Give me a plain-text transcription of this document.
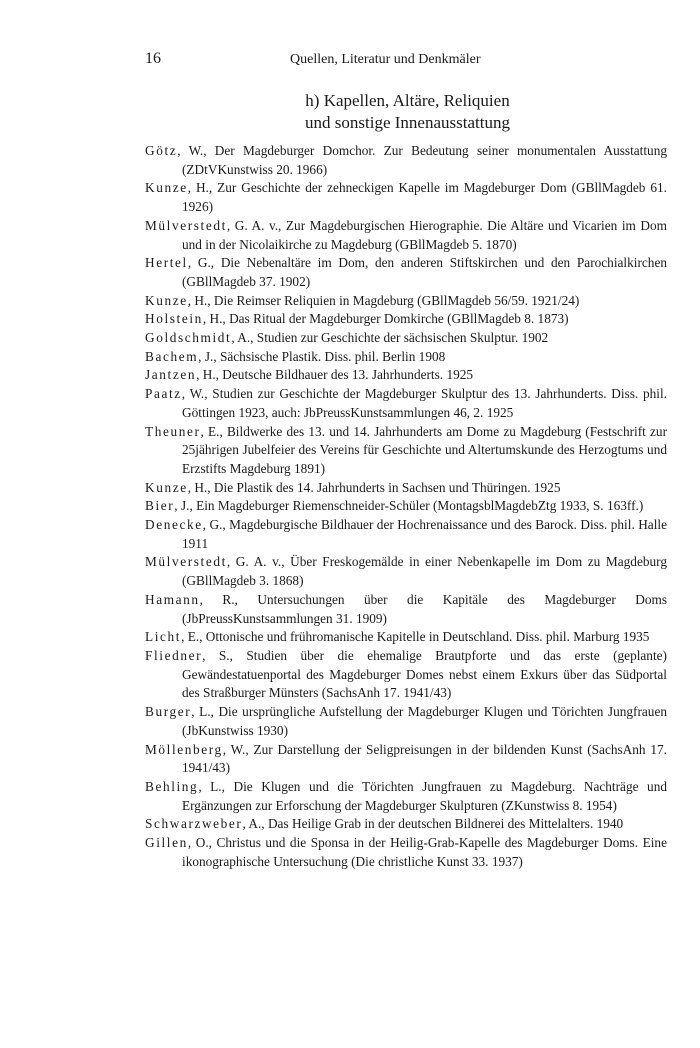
16	Quellen, Literatur und Denkmäler
h) Kapellen, Altäre, Reliquien
und sonstige Innenausstattung

Götz, W., Der Magdeburger Domchor. Zur Bedeutung seiner monumentalen Ausstattung (ZDtVKunstwiss 20. 1966)

Kunze, H., Zur Geschichte der zehneckigen Kapelle im Magdeburger Dom (GBllMagdeb 61. 1926)

Mülverstedt, G. A. v., Zur Magdeburgischen Hierographie. Die Altäre und Vicarien im Dom und in der Nicolaikirche zu Magdeburg (GBllMagdeb 5. 1870)

Hertel, G., Die Nebenaltäre im Dom, den anderen Stiftskirchen und den Parochialkirchen (GBllMagdeb 37. 1902)

Kunze, H., Die Reimser Reliquien in Magdeburg (GBllMagdeb 56/59. 1921/24)

Holstein, H., Das Ritual der Magdeburger Domkirche (GBllMagdeb 8. 1873)

Goldschmidt, A., Studien zur Geschichte der sächsischen Skulptur. 1902

Bachem, J., Sächsische Plastik. Diss. phil. Berlin 1908

Jantzen, H., Deutsche Bildhauer des 13. Jahrhunderts. 1925

Paatz, W., Studien zur Geschichte der Magdeburger Skulptur des 13. Jahrhunderts. Diss. phil. Göttingen 1923, auch: JbPreussKunstsammlungen 46, 2. 1925

Theuner, E., Bildwerke des 13. und 14. Jahrhunderts am Dome zu Magdeburg (Festschrift zur 25jährigen Jubelfeier des Vereins für Geschichte und Altertumskunde des Herzogtums und Erzstifts Magdeburg 1891)

Kunze, H., Die Plastik des 14. Jahrhunderts in Sachsen und Thüringen. 1925

Bier, J., Ein Magdeburger Riemenschneider-Schüler (MontagsblMagdebZtg 1933, S. 163ff.)

Denecke, G., Magdeburgische Bildhauer der Hochrenaissance und des Barock. Diss. phil. Halle 1911

Mülverstedt, G. A. v., Über Freskogemälde in einer Nebenkapelle im Dom zu Magdeburg (GBllMagdeb 3. 1868)

Hamann, R., Untersuchungen über die Kapitäle des Magdeburger Doms (JbPreussKunstsammlungen 31. 1909)

Licht, E., Ottonische und frühromanische Kapitelle in Deutschland. Diss. phil. Marburg 1935

Fliedner, S., Studien über die ehemalige Brautpforte und das erste (geplante) Gewändestatuenportal des Magdeburger Domes nebst einem Exkurs über das Südportal des Straßburger Münsters (SachsAnh 17. 1941/43)

Burger, L., Die ursprüngliche Aufstellung der Magdeburger Klugen und Törichten Jungfrauen (JbKunstwiss 1930)

Möllenberg, W., Zur Darstellung der Seligpreisungen in der bildenden Kunst (SachsAnh 17. 1941/43)

Behling, L., Die Klugen und die Törichten Jungfrauen zu Magdeburg. Nachträge und Ergänzungen zur Erforschung der Magdeburger Skulpturen (ZKunstwiss 8. 1954)

Schwarzweber, A., Das Heilige Grab in der deutschen Bildnerei des Mittelalters. 1940

Gillen, O., Christus und die Sponsa in der Heilig-Grab-Kapelle des Magdeburger Doms. Eine ikonographische Untersuchung (Die christliche Kunst 33. 1937)
